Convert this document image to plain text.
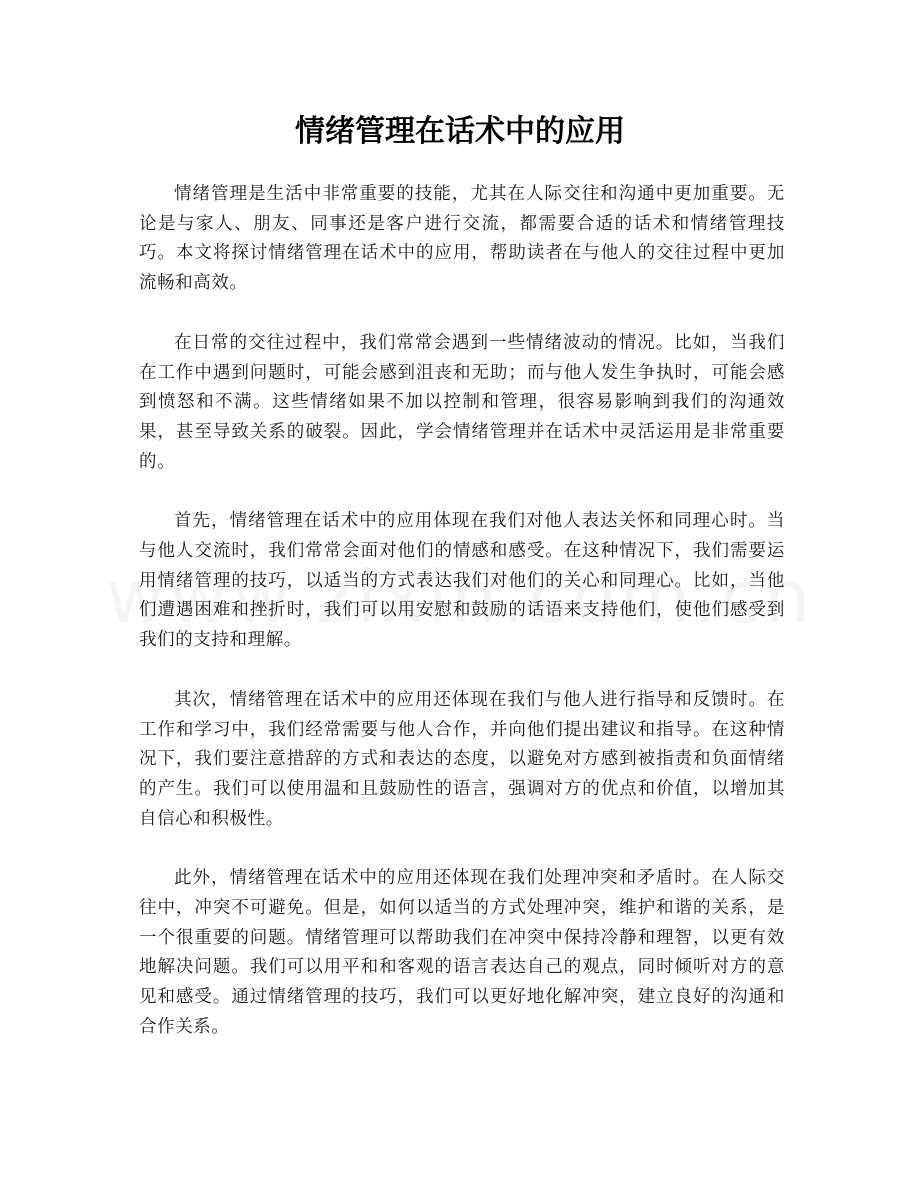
情绪管理在话术中的应用

情绪管理是生活中非常重要的技能，尤其在人际交往和沟通中更加重要。无论是与家人、朋友、同事还是客户进行交流，都需要合适的话术和情绪管理技巧。本文将探讨情绪管理在话术中的应用，帮助读者在与他人的交往过程中更加流畅和高效。

在日常的交往过程中，我们常常会遇到一些情绪波动的情况。比如，当我们在工作中遇到问题时，可能会感到沮丧和无助；而与他人发生争执时，可能会感到愤怒和不满。这些情绪如果不加以控制和管理，很容易影响到我们的沟通效果，甚至导致关系的破裂。因此，学会情绪管理并在话术中灵活运用是非常重要的。

首先，情绪管理在话术中的应用体现在我们对他人表达关怀和同理心时。当与他人交流时，我们常常会面对他们的情感和感受。在这种情况下，我们需要运用情绪管理的技巧，以适当的方式表达我们对他们的关心和同理心。比如，当他们遭遇困难和挫折时，我们可以用安慰和鼓励的话语来支持他们，使他们感受到我们的支持和理解。

其次，情绪管理在话术中的应用还体现在我们与他人进行指导和反馈时。在工作和学习中，我们经常需要与他人合作，并向他们提出建议和指导。在这种情况下，我们要注意措辞的方式和表达的态度，以避免对方感到被指责和负面情绪的产生。我们可以使用温和且鼓励性的语言，强调对方的优点和价值，以增加其自信心和积极性。

此外，情绪管理在话术中的应用还体现在我们处理冲突和矛盾时。在人际交往中，冲突不可避免。但是，如何以适当的方式处理冲突，维护和谐的关系，是一个很重要的问题。情绪管理可以帮助我们在冲突中保持冷静和理智，以更有效地解决问题。我们可以用平和和客观的语言表达自己的观点，同时倾听对方的意见和感受。通过情绪管理的技巧，我们可以更好地化解冲突，建立良好的沟通和合作关系。
